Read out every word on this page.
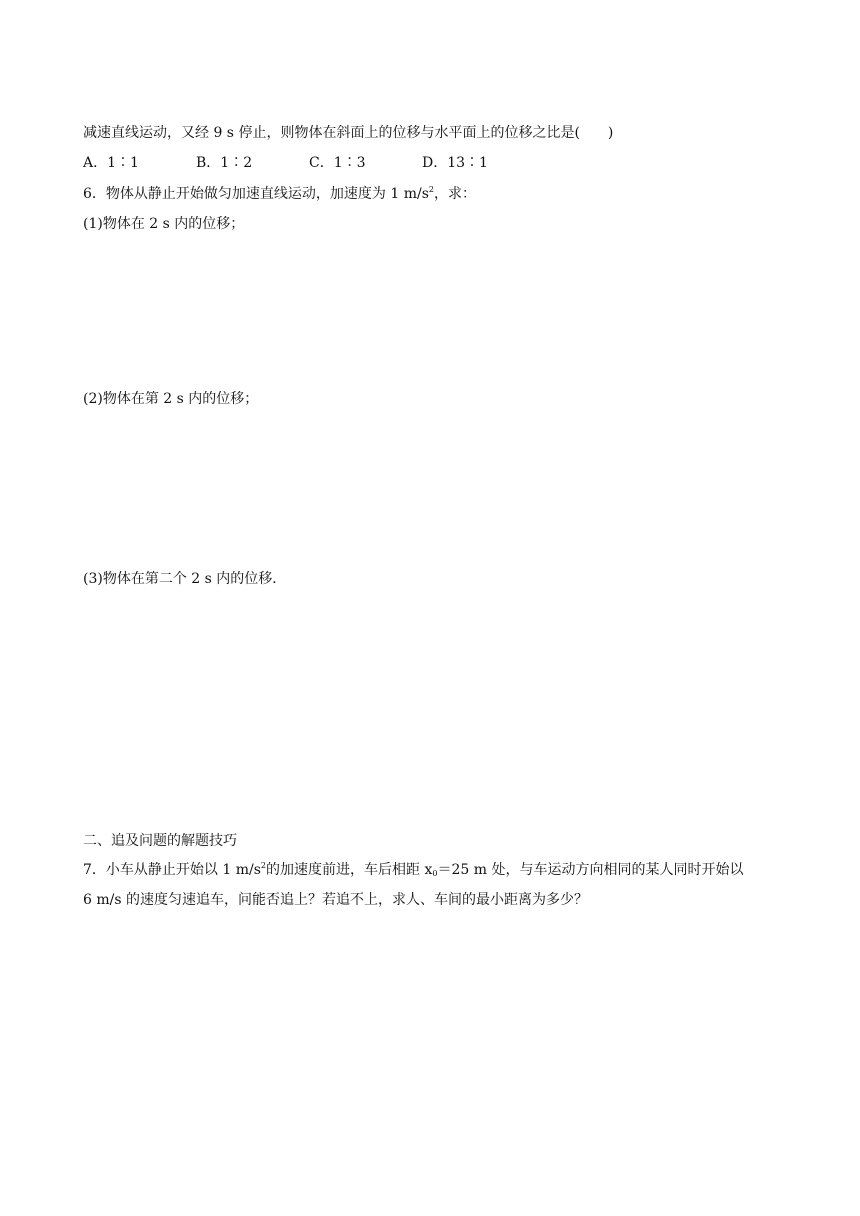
减速直线运动，又经 9 s 停止，则物体在斜面上的位移与水平面上的位移之比是(　　)
A．1∶1	B．1∶2	C．1∶3	D．13∶1
6．物体从静止开始做匀加速直线运动，加速度为 1 $m/s^2$，求：
(1)物体在 2 s 内的位移；
(2)物体在第 2 s 内的位移；
(3)物体在第二个 2 s 内的位移．
二、追及问题的解题技巧
7．小车从静止开始以 1 $m/s^2$的加速度前进，车后相距 $x_0=25$ m 处，与车运动方向相同的某人同时开始以
6 m/s 的速度匀速追车，问能否追上？若追不上，求人、车间的最小距离为多少？
